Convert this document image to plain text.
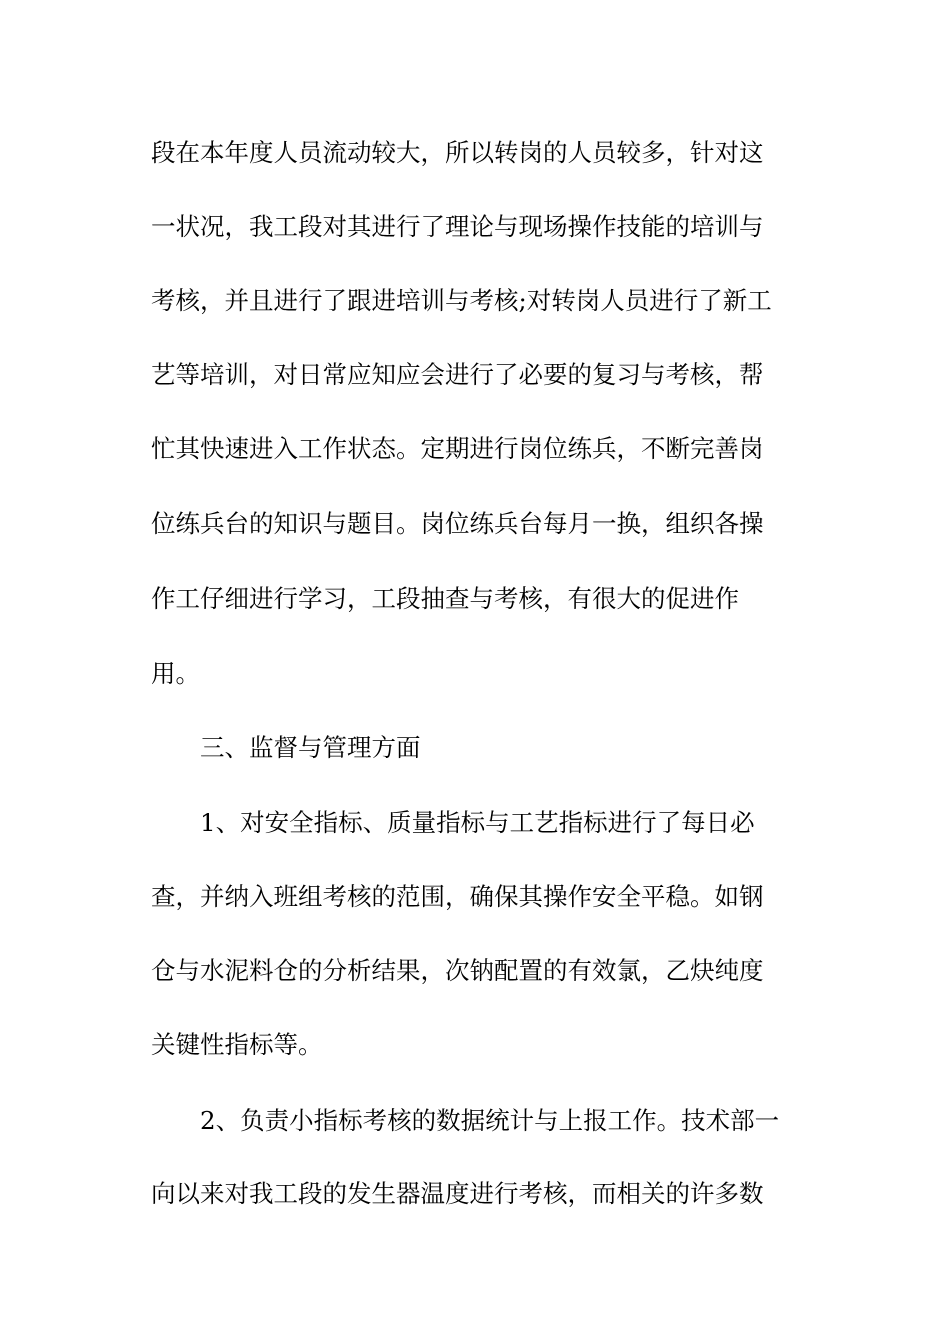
段在本年度人员流动较大，所以转岗的人员较多，针对这
一状况，我工段对其进行了理论与现场操作技能的培训与
考核，并且进行了跟进培训与考核;对转岗人员进行了新工
艺等培训，对日常应知应会进行了必要的复习与考核，帮
忙其快速进入工作状态。定期进行岗位练兵，不断完善岗
位练兵台的知识与题目。岗位练兵台每月一换，组织各操
作工仔细进行学习，工段抽查与考核，有很大的促进作
用。
三、监督与管理方面
1、对安全指标、质量指标与工艺指标进行了每日必
查，并纳入班组考核的范围，确保其操作安全平稳。如钢
仓与水泥料仓的分析结果，次钠配置的有效氯，乙炔纯度
关键性指标等。
2、负责小指标考核的数据统计与上报工作。技术部一
向以来对我工段的发生器温度进行考核，而相关的许多数
